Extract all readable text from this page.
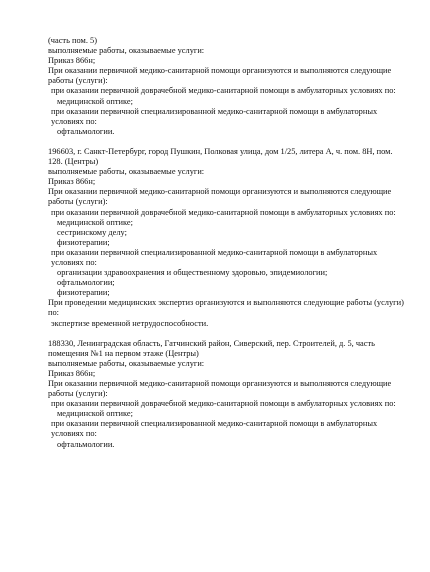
(часть пом. 5)
выполняемые работы, оказываемые услуги:
Приказ 866н;
При оказании первичной медико-санитарной помощи организуются и выполняются следующие работы (услуги):
при оказании первичной доврачебной медико-санитарной помощи в амбулаторных условиях по:
медицинской оптике;
при оказании первичной специализированной медико-санитарной помощи в амбулаторных условиях по:
офтальмологии.
196603, г. Санкт-Петербург, город Пушкин, Полковая улица, дом 1/25, литера А, ч. пом. 8Н, пом. 128. (Центры)
выполняемые работы, оказываемые услуги:
Приказ 866н;
При оказании первичной медико-санитарной помощи организуются и выполняются следующие работы (услуги):
при оказании первичной доврачебной медико-санитарной помощи в амбулаторных условиях по:
медицинской оптике;
сестринскому делу;
физиотерапии;
при оказании первичной специализированной медико-санитарной помощи в амбулаторных условиях по:
организации здравоохранения и общественному здоровью, эпидемиологии;
офтальмологии;
физиотерапии;
При проведении медицинских экспертиз организуются и выполняются следующие работы (услуги) по:
экспертизе временной нетрудоспособности.
188330, Ленинградская область, Гатчинский район, Сиверский, пер. Строителей, д. 5, часть помещения №1 на первом этаже (Центры)
выполняемые работы, оказываемые услуги:
Приказ 866н;
При оказании первичной медико-санитарной помощи организуются и выполняются следующие работы (услуги):
при оказании первичной доврачебной медико-санитарной помощи в амбулаторных условиях по:
медицинской оптике;
при оказании первичной специализированной медико-санитарной помощи в амбулаторных условиях по:
офтальмологии.
